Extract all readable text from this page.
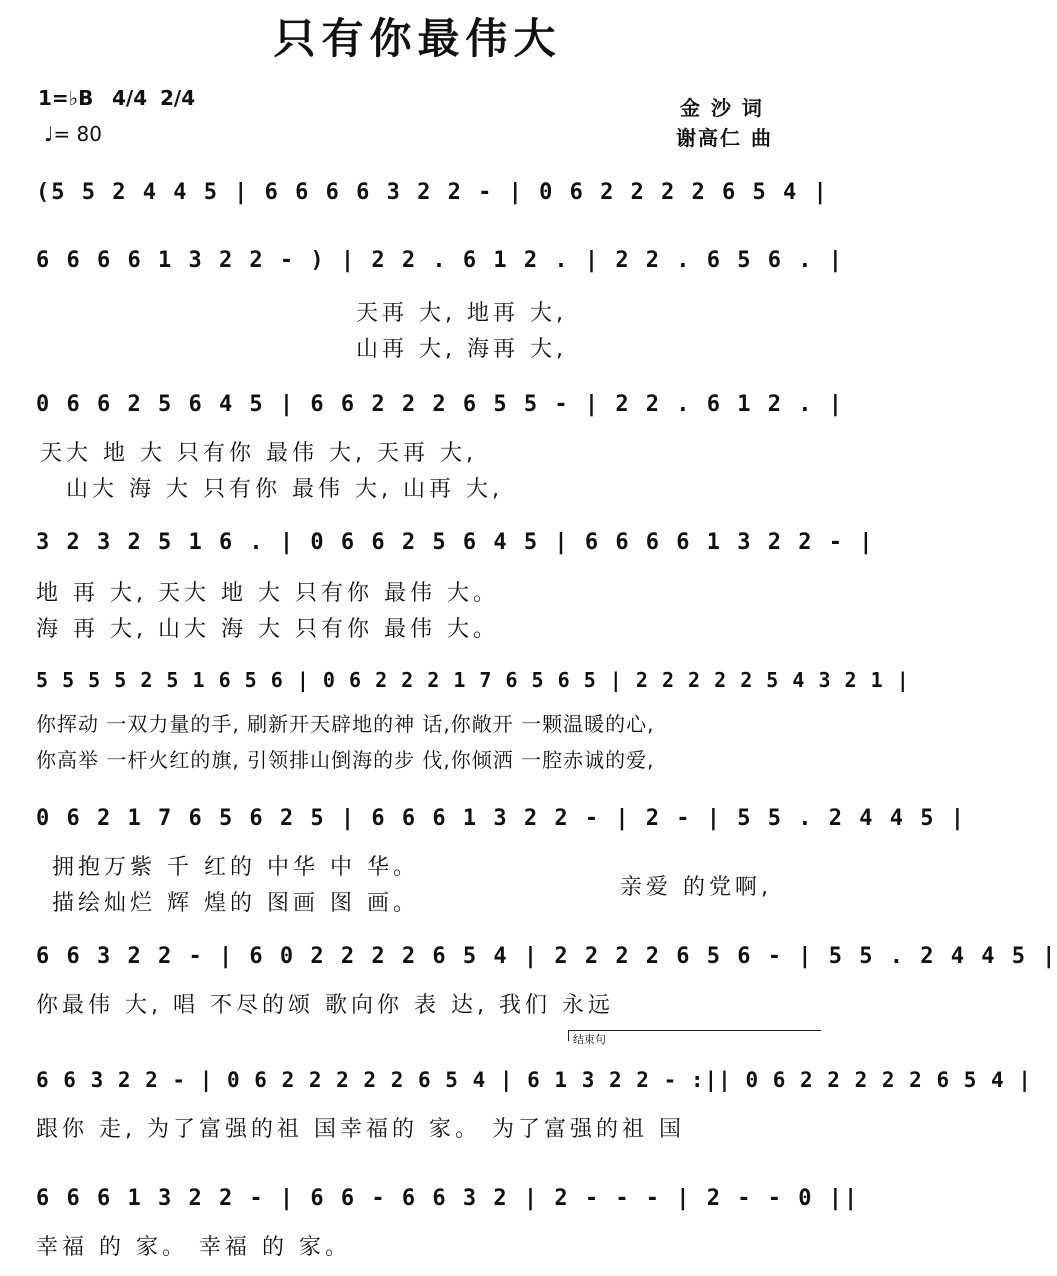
只有你最伟大
1=♭B 4/4 2/4
♩= 80
金 沙 词
谢高仁 曲
(5 5 2 4 4 5 | 6 6 6 6 3 2 2 - | 0 6 2 2 2 2 6 5 4 |
6 6 6 6 1 3 2 2 - ) | 2 2 . 6 1 2 . | 2 2 . 6 5 6 . |
天再 大, 地再 大,
山再 大, 海再 大,
0 6 6 2 5 6 4 5 | 6 6 2 2 2 6 5 5 - | 2 2 . 6 1 2 . |
天大 地 大 只有你 最伟 大, 天再 大,
山大 海 大 只有你 最伟 大, 山再 大,
3 2 3 2 5 1 6 . | 0 6 6 2 5 6 4 5 | 6 6 6 6 1 3 2 2 - |
地 再 大, 天大 地 大 只有你 最伟 大。
海 再 大, 山大 海 大 只有你 最伟 大。
5 5 5 5 2 5 1 6 5 6 | 0 6 2 2 2 1 7 6 5 6 5 | 2 2 2 2 2 5 4 3 2 1 |
你挥动 一双力量的手, 刷新开天辟地的神 话,你敞开 一颗温暖的心,
你高举 一杆火红的旗, 引领排山倒海的步 伐,你倾洒 一腔赤诚的爱,
0 6 2 1 7 6 5 6 2 5 | 6 6 6 1 3 2 2 - | 2 - | 5 5 . 2 4 4 5 |
拥抱万紫 千 红的 中华 中 华。
描绘灿烂 辉 煌的 图画 图 画。
亲爱 的党啊,
6 6 3 2 2 - | 6 0 2 2 2 2 6 5 4 | 2 2 2 2 6 5 6 - | 5 5 . 2 4 4 5 |
你最伟 大, 唱 不尽的颂 歌向你 表 达, 我们 永远
结束句
6 6 3 2 2 - | 0 6 2 2 2 2 2 6 5 4 | 6 1 3 2 2 - :|| 0 6 2 2 2 2 2 6 5 4 |
跟你 走, 为了富强的祖 国幸福的 家。 为了富强的祖 国
6 6 6 1 3 2 2 - | 6 6 - 6 6 3 2 | 2 - - - | 2 - - 0 ||
幸福 的 家。 幸福 的 家。
